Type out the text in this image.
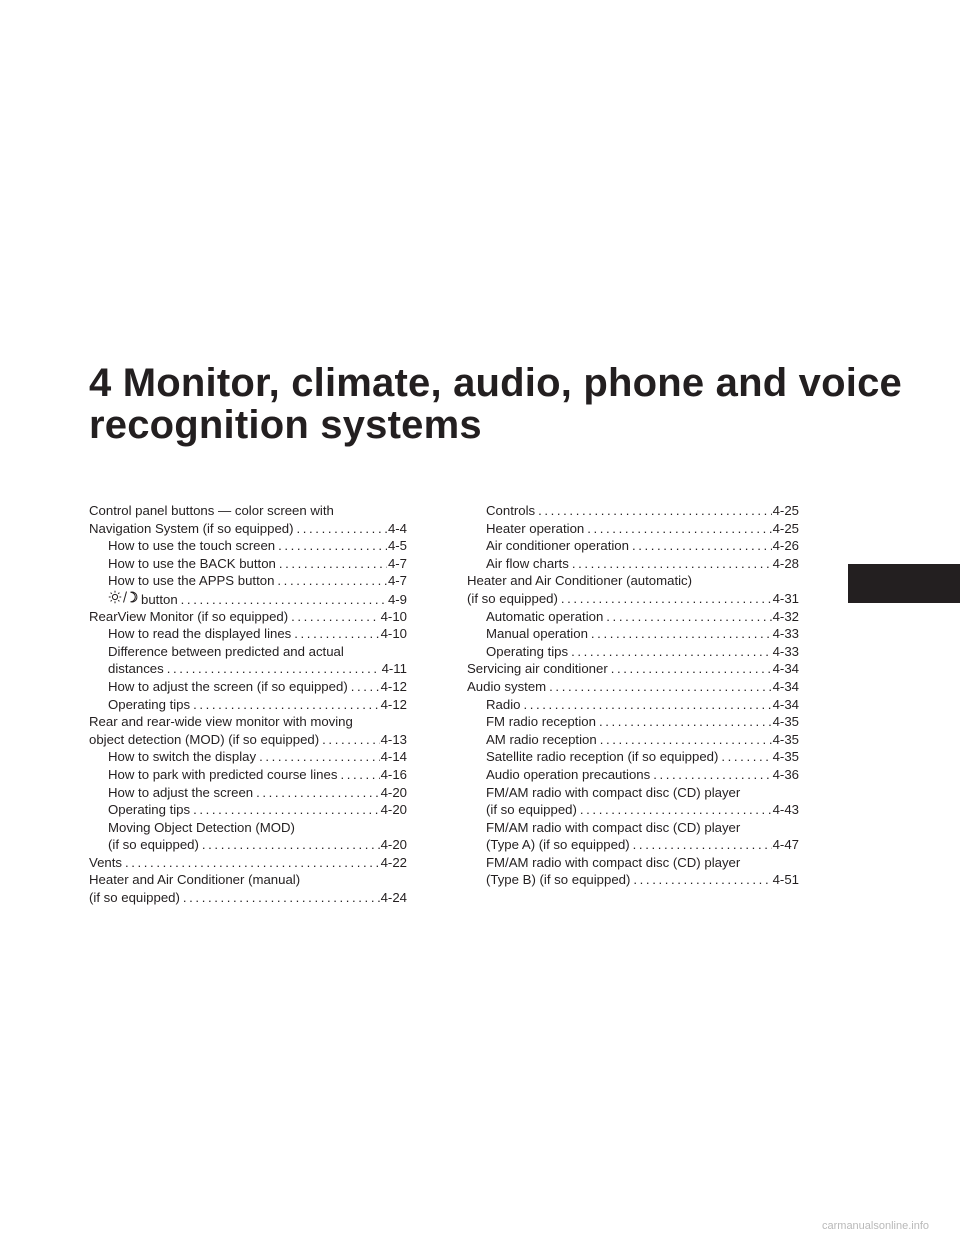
4 Monitor, climate, audio, phone and voice recognition systems
Control panel buttons — color screen with
Navigation System (if so equipped) .....	4-4
How to use the touch screen .....	4-5
How to use the BACK button .....	4-7
How to use the APPS button .....	4-7
button .....	4-9
RearView Monitor (if so equipped) .....	4-10
How to read the displayed lines .....	4-10
Difference between predicted and actual
distances .....	4-11
How to adjust the screen (if so equipped) ..... 4-12
Operating tips .....	4-12
Rear and rear-wide view monitor with moving
object detection (MOD) (if so equipped) .....	4-13
How to switch the display .....	4-14
How to park with predicted course lines .....	4-16
How to adjust the screen .....	4-20
Operating tips .....	4-20
Moving Object Detection (MOD)
(if so equipped) .....	4-20
Vents .....	4-22
Heater and Air Conditioner (manual)
(if so equipped) .....	4-24
Controls .....	4-25
Heater operation .....	4-25
Air conditioner operation .....	4-26
Air flow charts .....	4-28
Heater and Air Conditioner (automatic)
(if so equipped) .....	4-31
Automatic operation .....	4-32
Manual operation .....	4-33
Operating tips .....	4-33
Servicing air conditioner .....	4-34
Audio system .....	4-34
Radio .....	4-34
FM radio reception .....	4-35
AM radio reception .....	4-35
Satellite radio reception (if so equipped) .....	4-35
Audio operation precautions .....	4-36
FM/AM radio with compact disc (CD) player
(if so equipped) .....	4-43
FM/AM radio with compact disc (CD) player
(Type A) (if so equipped) .....	4-47
FM/AM radio with compact disc (CD) player
(Type B) (if so equipped) .....	4-51
carmanualsonline.info
